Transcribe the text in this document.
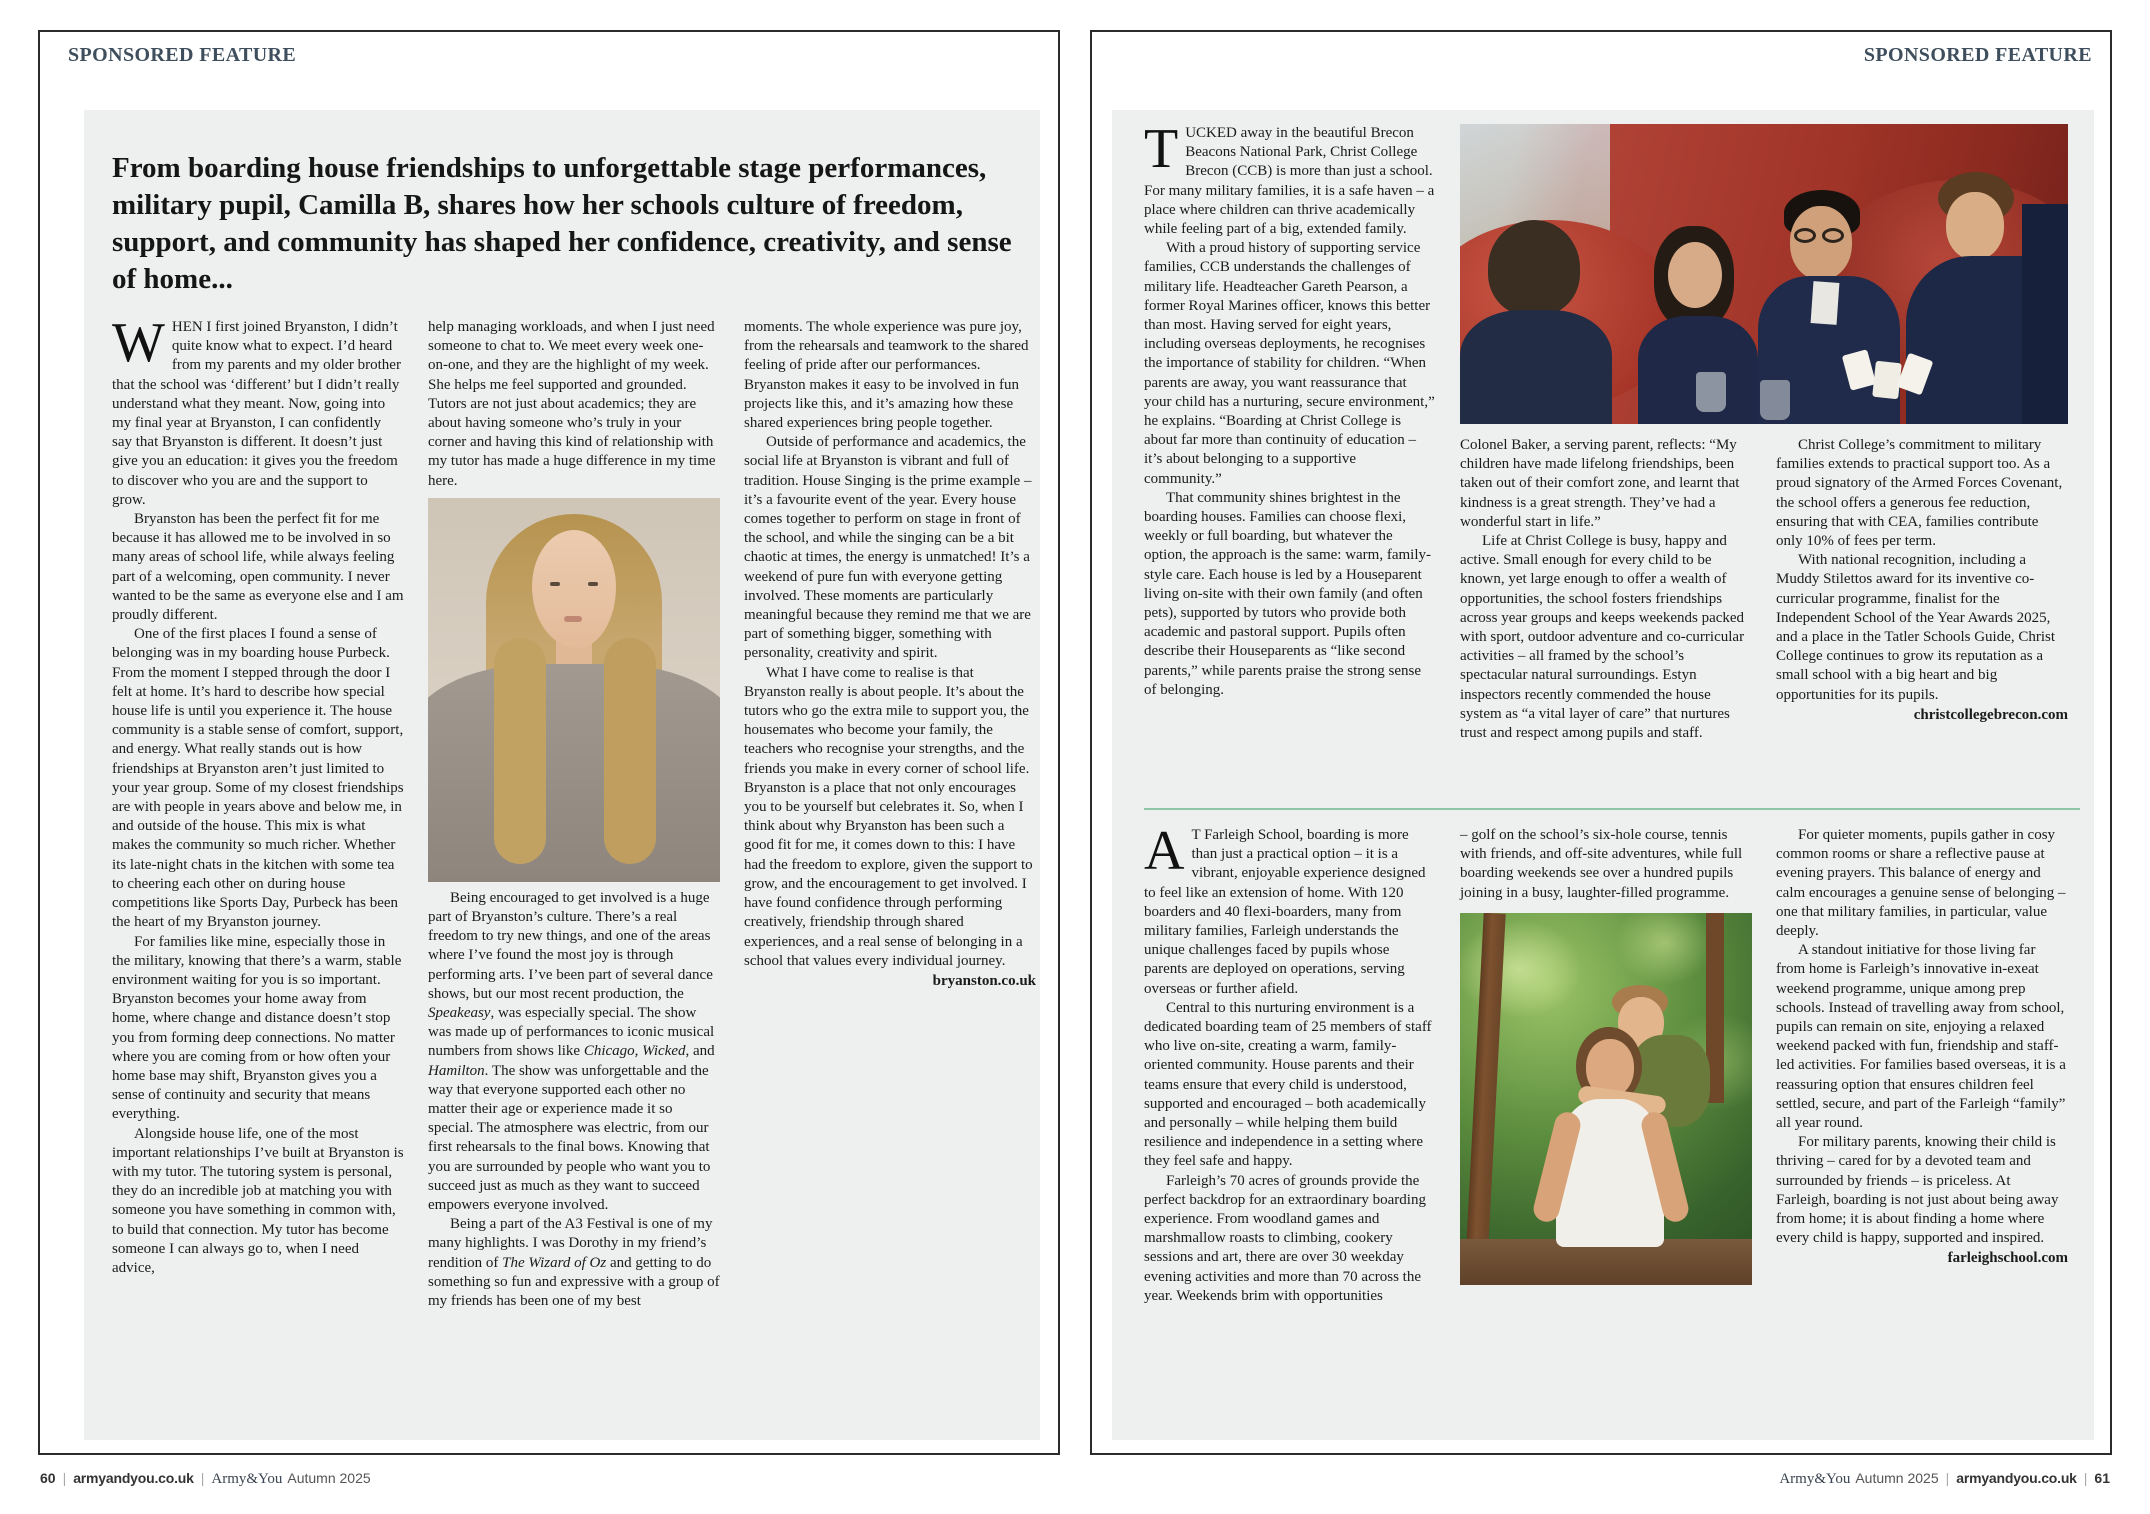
SPONSORED FEATURE
From boarding house friendships to unforgettable stage performances, military pupil, Camilla B, shares how her schools culture of freedom, support, and community has shaped her confidence, creativity, and sense of home...

WHEN I first joined Bryanston, I didn’t quite know what to expect. I’d heard from my parents and my older brother that the school was ‘different’ but I didn’t really understand what they meant. Now, going into my final year at Bryanston, I can confidently say that Bryanston is different. It doesn’t just give you an education: it gives you the freedom to discover who you are and the support to grow.

Bryanston has been the perfect fit for me because it has allowed me to be involved in so many areas of school life, while always feeling part of a welcoming, open community. I never wanted to be the same as everyone else and I am proudly different.

One of the first places I found a sense of belonging was in my boarding house Purbeck. From the moment I stepped through the door I felt at home. It’s hard to describe how special house life is until you experience it. The house community is a stable sense of comfort, support, and energy. What really stands out is how friendships at Bryanston aren’t just limited to your year group. Some of my closest friendships are with people in years above and below me, in and outside of the house. This mix is what makes the community so much richer. Whether its late-night chats in the kitchen with some tea to cheering each other on during house competitions like Sports Day, Purbeck has been the heart of my Bryanston journey.

For families like mine, especially those in the military, knowing that there’s a warm, stable environment waiting for you is so important. Bryanston becomes your home away from home, where change and distance doesn’t stop you from forming deep connections. No matter where you are coming from or how often your home base may shift, Bryanston gives you a sense of continuity and security that means everything.

Alongside house life, one of the most important relationships I’ve built at Bryanston is with my tutor. The tutoring system is personal, they do an incredible job at matching you with someone you have something in common with, to build that connection. My tutor has become someone I can always go to, when I need advice,

help managing workloads, and when I just need someone to chat to. We meet every week one-on-one, and they are the highlight of my week. She helps me feel supported and grounded. Tutors are not just about academics; they are about having someone who’s truly in your corner and having this kind of relationship with my tutor has made a huge difference in my time here.

Being encouraged to get involved is a huge part of Bryanston’s culture. There’s a real freedom to try new things, and one of the areas where I’ve found the most joy is through performing arts. I’ve been part of several dance shows, but our most recent production, the Speakeasy, was especially special. The show was made up of performances to iconic musical numbers from shows like Chicago, Wicked, and Hamilton. The show was unforgettable and the way that everyone supported each other no matter their age or experience made it so special. The atmosphere was electric, from our first rehearsals to the final bows. Knowing that you are surrounded by people who want you to succeed just as much as they want to succeed empowers everyone involved.

Being a part of the A3 Festival is one of my many highlights. I was Dorothy in my friend’s rendition of The Wizard of Oz and getting to do something so fun and expressive with a group of my friends has been one of my best

moments. The whole experience was pure joy, from the rehearsals and teamwork to the shared feeling of pride after our performances. Bryanston makes it easy to be involved in fun projects like this, and it’s amazing how these shared experiences bring people together.

Outside of performance and academics, the social life at Bryanston is vibrant and full of tradition. House Singing is the prime example – it’s a favourite event of the year. Every house comes together to perform on stage in front of the school, and while the singing can be a bit chaotic at times, the energy is unmatched! It’s a weekend of pure fun with everyone getting involved. These moments are particularly meaningful because they remind me that we are part of something bigger, something with personality, creativity and spirit.

What I have come to realise is that Bryanston really is about people. It’s about the tutors who go the extra mile to support you, the housemates who become your family, the teachers who recognise your strengths, and the friends you make in every corner of school life. Bryanston is a place that not only encourages you to be yourself but celebrates it. So, when I think about why Bryanston has been such a good fit for me, it comes down to this: I have had the freedom to explore, given the support to grow, and the encouragement to get involved. I have found confidence through performing creatively, friendship through shared experiences, and a real sense of belonging in a school that values every individual journey.

bryanston.co.uk
SPONSORED FEATURE

TUCKED away in the beautiful Brecon Beacons National Park, Christ College Brecon (CCB) is more than just a school. For many military families, it is a safe haven – a place where children can thrive academically while feeling part of a big, extended family.

With a proud history of supporting service families, CCB understands the challenges of military life. Headteacher Gareth Pearson, a former Royal Marines officer, knows this better than most. Having served for eight years, including overseas deployments, he recognises the importance of stability for children. “When parents are away, you want reassurance that your child has a nurturing, secure environment,” he explains. “Boarding at Christ College is about far more than continuity of education – it’s about belonging to a supportive community.”

That community shines brightest in the boarding houses. Families can choose flexi, weekly or full boarding, but whatever the option, the approach is the same: warm, family-style care. Each house is led by a Houseparent living on-site with their own family (and often pets), supported by tutors who provide both academic and pastoral support. Pupils often describe their Houseparents as “like second parents,” while parents praise the strong sense of belonging.

Colonel Baker, a serving parent, reflects: “My children have made lifelong friendships, been taken out of their comfort zone, and learnt that kindness is a great strength. They’ve had a wonderful start in life.”

Life at Christ College is busy, happy and active. Small enough for every child to be known, yet large enough to offer a wealth of opportunities, the school fosters friendships across year groups and keeps weekends packed with sport, outdoor adventure and co-curricular activities – all framed by the school’s spectacular natural surroundings. Estyn inspectors recently commended the house system as “a vital layer of care” that nurtures trust and respect among pupils and staff.

Christ College’s commitment to military families extends to practical support too. As a proud signatory of the Armed Forces Covenant, the school offers a generous fee reduction, ensuring that with CEA, families contribute only 10% of fees per term.

With national recognition, including a Muddy Stilettos award for its inventive co-curricular programme, finalist for the Independent School of the Year Awards 2025, and a place in the Tatler Schools Guide, Christ College continues to grow its reputation as a small school with a big heart and big opportunities for its pupils.

christcollegebrecon.com

A T Farleigh School, boarding is more than just a practical option – it is a vibrant, enjoyable experience designed to feel like an extension of home. With 120 boarders and 40 flexi-boarders, many from military families, Farleigh understands the unique challenges faced by pupils whose parents are deployed on operations, serving overseas or further afield.

Central to this nurturing environment is a dedicated boarding team of 25 members of staff who live on-site, creating a warm, family-oriented community. House parents and their teams ensure that every child is understood, supported and encouraged – both academically and personally – while helping them build resilience and independence in a setting where they feel safe and happy.

Farleigh’s 70 acres of grounds provide the perfect backdrop for an extraordinary boarding experience. From woodland games and marshmallow roasts to climbing, cookery sessions and art, there are over 30 weekday evening activities and more than 70 across the year. Weekends brim with opportunities

– golf on the school’s six-hole course, tennis with friends, and off-site adventures, while full boarding weekends see over a hundred pupils joining in a busy, laughter-filled programme.

For quieter moments, pupils gather in cosy common rooms or share a reflective pause at evening prayers. This balance of energy and calm encourages a genuine sense of belonging – one that military families, in particular, value deeply.

A standout initiative for those living far from home is Farleigh’s innovative in-exeat weekend programme, unique among prep schools. Instead of travelling away from school, pupils can remain on site, enjoying a relaxed weekend packed with fun, friendship and staff-led activities. For families based overseas, it is a reassuring option that ensures children feel settled, secure, and part of the Farleigh “family” all year round.

For military parents, knowing their child is thriving – cared for by a devoted team and surrounded by friends – is priceless. At Farleigh, boarding is not just about being away from home; it is about finding a home where every child is happy, supported and inspired.

farleighschool.com
60 | armyandyou.co.uk | Army&You Autumn 2025	Army&You Autumn 2025 | armyandyou.co.uk | 61
